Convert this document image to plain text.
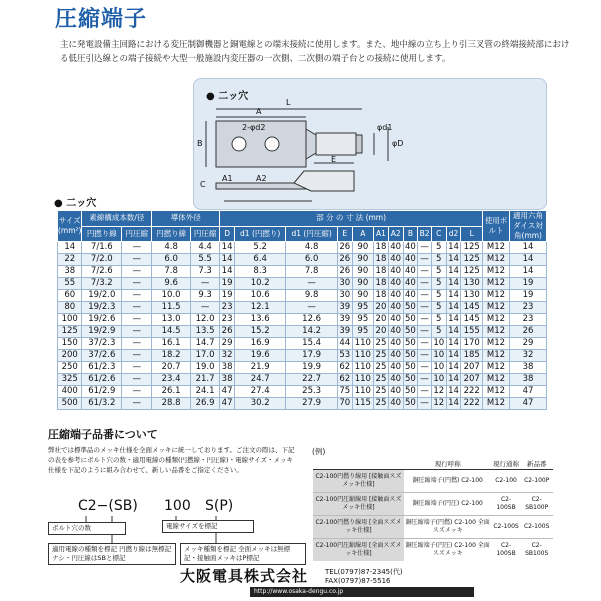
圧縮端子
主に発電設備主回路における変圧制御機器と銅電線との端末接続に使用します。また、地中線の立ち上り引三叉管の終端接続部における低圧引込線との端子接続や大型一般施設内変圧器の一次側、二次側の端子台との接続に使用します。
● 二ッ穴
L
A
2-φd2
B
φd1
φD
A1	A2
E
C
● 二ッ穴
サイズ (mm²)	素線構成本数/径		導体外径		部 分 の 寸 法 (mm)												使用ボルト	適用六角ダイス対角(mm)
	円撚り線	円圧縮	円撚り線	円圧縮	D	d1 (円撚り)	d1 (円圧縮)	E	A	A1	A2	B	B2	C	d2	L		
14	7/1.6	—	4.8	4.4	14	5.2	4.8	26	90	18	40	40	—	5	14	125	M12	14
22	7/2.0	—	6.0	5.5	14	6.4	6.0	26	90	18	40	40	—	5	14	125	M12	14
38	7/2.6	—	7.8	7.3	14	8.3	7.8	26	90	18	40	40	—	5	14	125	M12	14
55	7/3.2	—	9.6	—	19	10.2	—	30	90	18	40	40	—	5	14	130	M12	19
60	19/2.0	—	10.0	9.3	19	10.6	9.8	30	90	18	40	40	—	5	14	130	M12	19
80	19/2.3	—	11.5	—	23	12.1	—	39	95	20	40	50	—	5	14	145	M12	23
100	19/2.6	—	13.0	12.0	23	13.6	12.6	39	95	20	40	50	—	5	14	145	M12	23
125	19/2.9	—	14.5	13.5	26	15.2	14.2	39	95	20	40	50	—	5	14	155	M12	26
150	37/2.3	—	16.1	14.7	29	16.9	15.4	44	110	25	40	50	—	10	14	170	M12	29
200	37/2.6	—	18.2	17.0	32	19.6	17.9	53	110	25	40	50	—	10	14	185	M12	32
250	61/2.3	—	20.7	19.0	38	21.9	19.9	62	110	25	40	50	—	10	14	207	M12	38
325	61/2.6	—	23.4	21.7	38	24.7	22.7	62	110	25	40	50	—	10	14	207	M12	38
400	61/2.9	—	26.1	24.1	47	27.4	25.3	75	110	25	40	50	—	12	14	222	M12	47
500	61/3.2	—	28.8	26.9	47	30.2	27.9	70	115	25	40	50	—	12	14	222	M12	47
圧縮端子品番について
弊社では標準品のメッキ仕様を全面メッキに統一しております。ご注文の際は、下記の表を参考にボルト穴の数・適用電線の種類(円撚線・円圧線)・電線サイズ・メッキ仕様を下記のように組み合わせて、新しい品番をご指定ください。
C2−(SB) 100 S(P)
ボルト穴の数
適用電線の種類を標記 円撚り線は無標記ナシ・円圧線はSBと標記
電線サイズを標記
メッキ種類を標記 全面メッキは無標記・接触面メッキはP標記
(例)
	現行呼称	現行通称	新品番
C2-100円撚り線用 [接触面スズメッキ仕様]	銅圧縮端子(円撚) C2-100	C2-100	C2-100P
C2-100円圧縮線用 [接触面スズメッキ仕様]	銅圧縮端子(円圧) C2-100	C2-100SB	C2-SB100P
C2-100円撚り線用 [全面スズメッキ仕様]	銅圧縮端子(円撚) C2-100 全面スズメッキ	C2-100S	C2-100S
C2-100円圧縮線用 [全面スズメッキ仕様]	銅圧縮端子(円圧) C2-100 全面スズメッキ	C2-100SB	C2-SB100S
大阪電具株式会社 TEL(0797)87-2345(代)
FAX(0797)87-5516
http://www.osaka-dengu.co.jp
